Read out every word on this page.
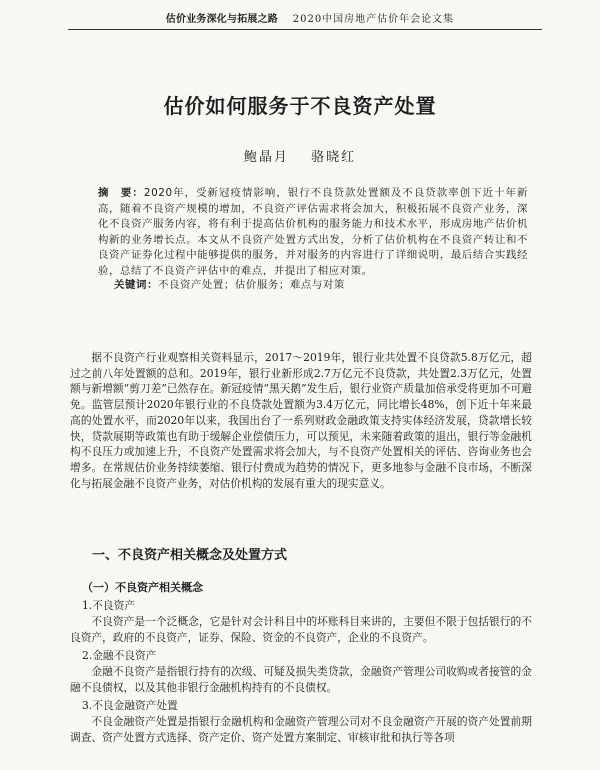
估价业务深化与拓展之路 2020中国房地产估价年会论文集
估价如何服务于不良资产处置
鲍晶月 骆晓红
摘　要：2020年，受新冠疫情影响，银行不良贷款处置额及不良贷款率创下近十年新高，随着不良资产规模的增加，不良资产评估需求将会加大，积极拓展不良资产业务，深化不良资产服务内容，将有利于提高估价机构的服务能力和技术水平，形成房地产估价机构新的业务增长点。本文从不良资产处置方式出发，分析了估价机构在不良资产转让和不良资产证券化过程中能够提供的服务，并对服务的内容进行了详细说明，最后结合实践经验，总结了不良资产评估中的难点，并提出了相应对策。
关键词：不良资产处置；估价服务；难点与对策
据不良资产行业观察相关资料显示，2017～2019年，银行业共处置不良贷款5.8万亿元，超过之前八年处置额的总和。2019年，银行业新形成2.7万亿元不良贷款，共处置2.3万亿元，处置额与新增额“剪刀差”已然存在。新冠疫情“黑天鹅”发生后，银行业资产质量加倍承受将更加不可避免。监管层预计2020年银行业的不良贷款处置额为3.4万亿元，同比增长48%，创下近十年来最高的处置水平，而2020年以来，我国出台了一系列财政金融政策支持实体经济发展，贷款增长较快，贷款展期等政策也有助于缓解企业偿债压力，可以预见，未来随着政策的退出，银行等金融机构不良压力或加速上升，不良资产处置需求将会加大，与不良资产处置相关的评估、咨询业务也会增多。在常规估价业务持续萎缩、银行付费成为趋势的情况下，更多地参与金融不良市场，不断深化与拓展金融不良资产业务，对估价机构的发展有重大的现实意义。
一、不良资产相关概念及处置方式
（一）不良资产相关概念
1.不良资产
不良资产是一个泛概念，它是针对会计科目中的坏账科目来讲的，主要但不限于包括银行的不良资产，政府的不良资产，证券、保险、资金的不良资产，企业的不良资产。
2.金融不良资产
金融不良资产是指银行持有的次级、可疑及损失类贷款，金融资产管理公司收购或者接管的金融不良债权，以及其他非银行金融机构持有的不良债权。
3.不良金融资产处置
不良金融资产处置是指银行金融机构和金融资产管理公司对不良金融资产开展的资产处置前期调查、资产处置方式选择、资产定价、资产处置方案制定、审核审批和执行等各项
